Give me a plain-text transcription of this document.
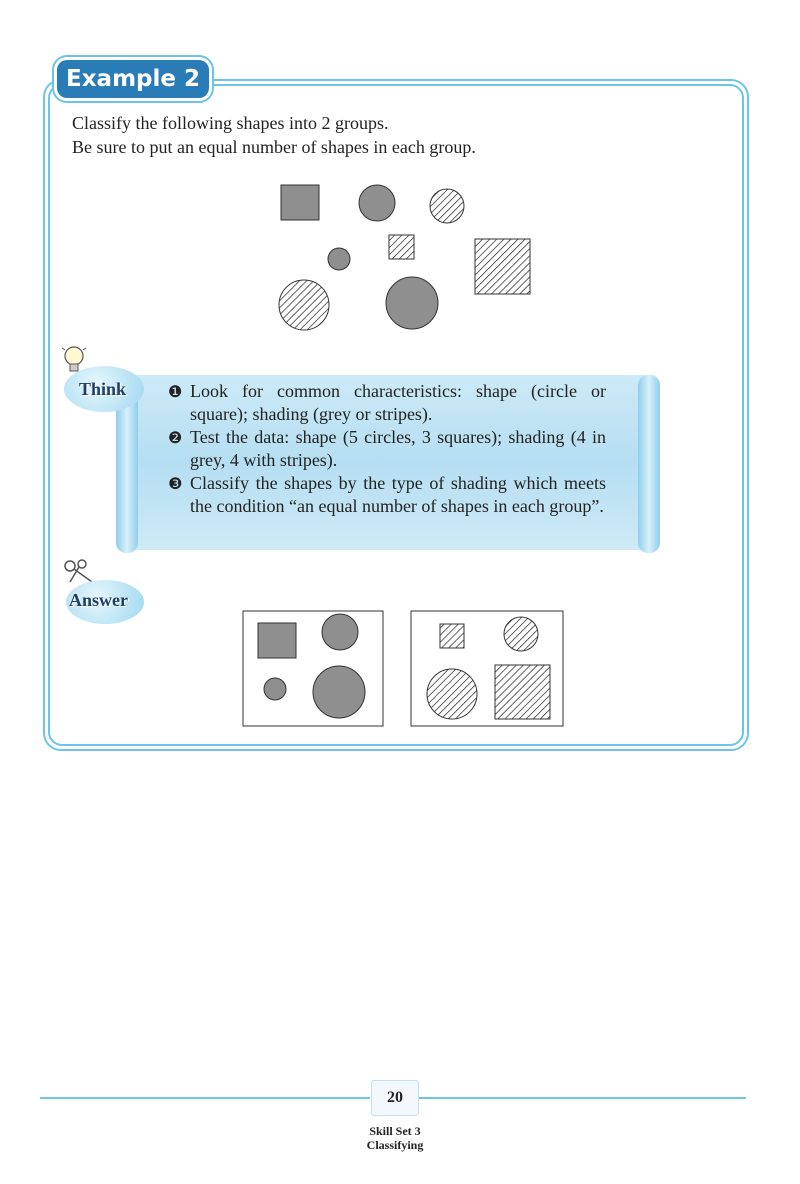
Example 2
Classify the following shapes into 2 groups.
Be sure to put an equal number of shapes in each group.
Think	❶ Look for common characteristics: shape (circle or square); shading (grey or stripes).
❷ Test the data: shape (5 circles, 3 squares); shading (4 in grey, 4 with stripes).
❸ Classify the shapes by the type of shading which meets the condition “an equal number of shapes in each group”.
Answer
20
Skill Set 3
Classifying
